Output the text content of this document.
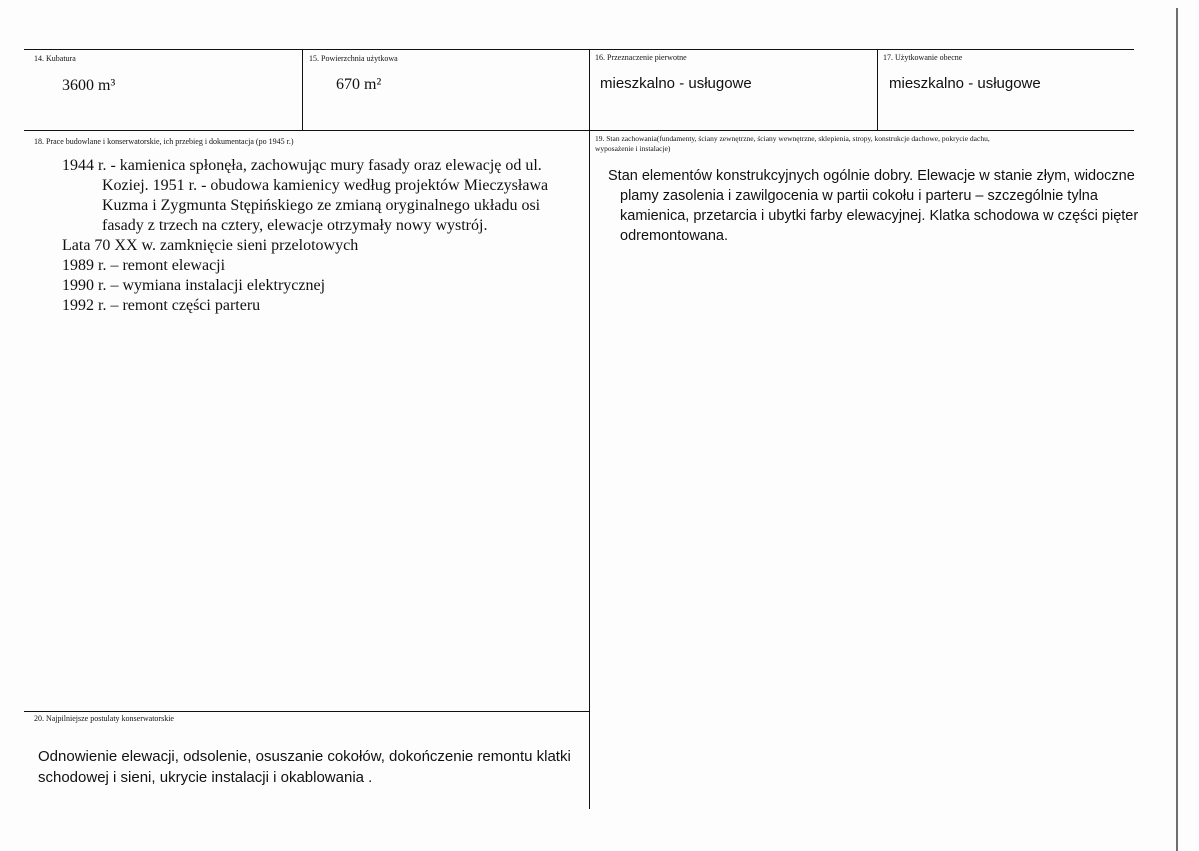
14. Kubatura
3600 m³
15. Powierzchnia użytkowa
670 m²
16. Przeznaczenie pierwotne
mieszkalno - usługowe
17. Użytkowanie obecne
mieszkalno - usługowe
18. Prace budowlane i konserwatorskie, ich przebieg i dokumentacja (po 1945 r.)

1944 r. - kamienica spłonęła, zachowując mury fasady oraz elewację od ul. Koziej. 1951 r. - obudowa kamienicy według projektów Mieczysława Kuzma i Zygmunta Stępińskiego ze zmianą oryginalnego układu osi fasady z trzech na cztery, elewacje otrzymały nowy wystrój.

Lata 70 XX w. zamknięcie sieni przelotowych

1989 r. – remont elewacji

1990 r. – wymiana instalacji elektrycznej

1992 r. – remont części parteru

19. Stan zachowania(fundamenty, ściany zewnętrzne, ściany wewnętrzne, sklepienia, stropy, konstrukcje dachowe, pokrycie dachu,
wyposażenie i instalacje)
Stan elementów konstrukcyjnych ogólnie dobry. Elewacje w stanie złym, widoczne plamy zasolenia i zawilgocenia w partii cokołu i parteru – szczególnie tylna kamienica, przetarcia i ubytki farby elewacyjnej. Klatka schodowa w części pięter odremontowana.
20. Najpilniejsze postulaty konserwatorskie
Odnowienie elewacji, odsolenie, osuszanie cokołów, dokończenie remontu klatki schodowej i sieni, ukrycie instalacji i okablowania .
